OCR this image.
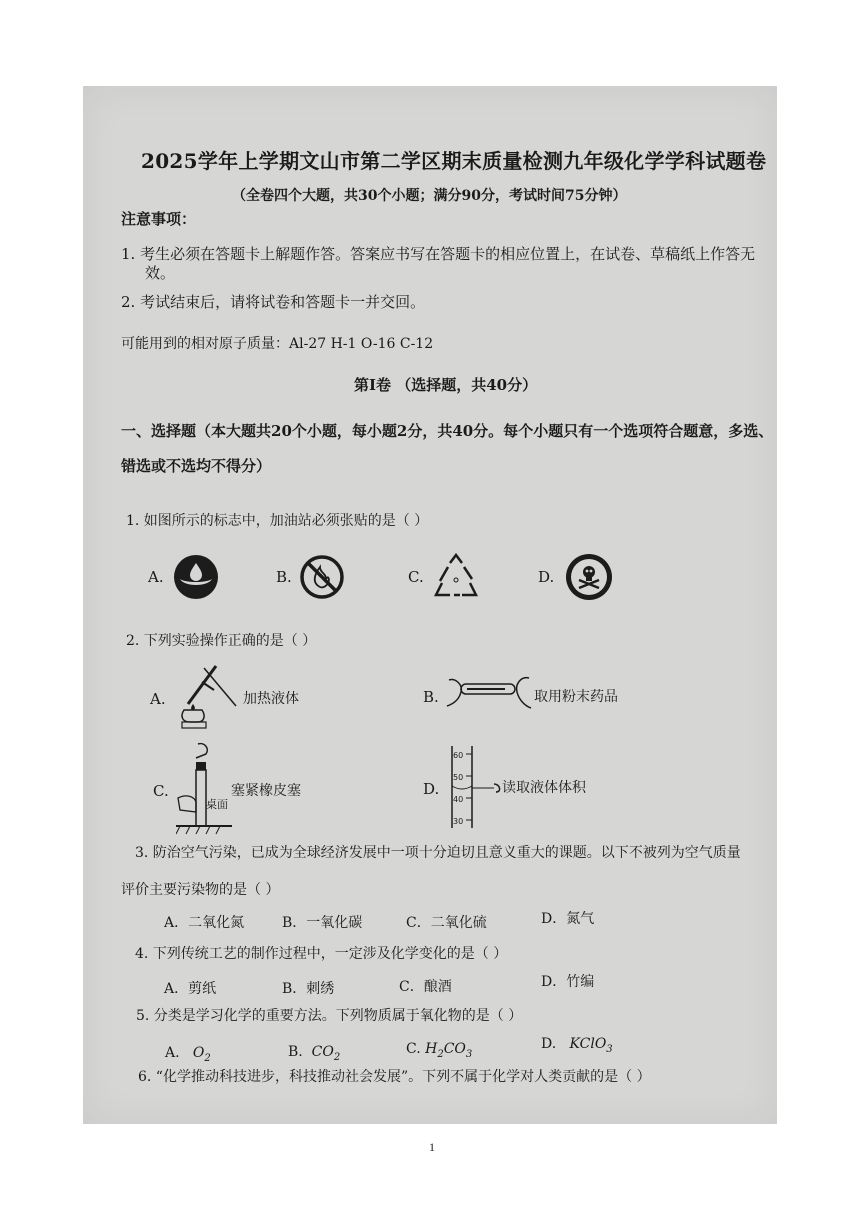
2025学年上学期文山市第二学区期末质量检测九年级化学学科试题卷
（全卷四个大题，共30个小题；满分90分，考试时间75分钟）
注意事项：
1. 考生必须在答题卡上解题作答。答案应书写在答题卡的相应位置上，在试卷、草稿纸上作答无
效。
2. 考试结束后，请将试卷和答题卡一并交回。
可能用到的相对原子质量：Al-27 H-1 O-16 C-12
第Ⅰ卷 （选择题，共40分）
一、选择题（本大题共20个小题，每小题2分，共40分。每个小题只有一个选项符合题意，多选、
错选或不选均不得分）
1. 如图所示的标志中，加油站必须张贴的是（ ）
A.	B.	C.	D.
2. 下列实验操作正确的是（ ）
A.	加热液体	B.	取用粉末药品
C.
桌面
塞紧橡皮塞	D.
60
50
40
30
读取液体体积
3. 防治空气污染，已成为全球经济发展中一项十分迫切且意义重大的课题。以下不被列为空气质量
评价主要污染物的是（ ）
A．二氧化氮	B．一氧化碳	C．二氧化硫	D．氮气
4. 下列传统工艺的制作过程中，一定涉及化学变化的是（ ）
A．剪纸	B．刺绣	C．酿酒	D．竹编
5. 分类是学习化学的重要方法。下列物质属于氧化物的是（ ）
A. $O_2$	B. $CO_2$
C. $H_2CO_3$
D. KClO$_3$
6. “化学推动科技进步，科技推动社会发展”。下列不属于化学对人类贡献的是（ ）
1
